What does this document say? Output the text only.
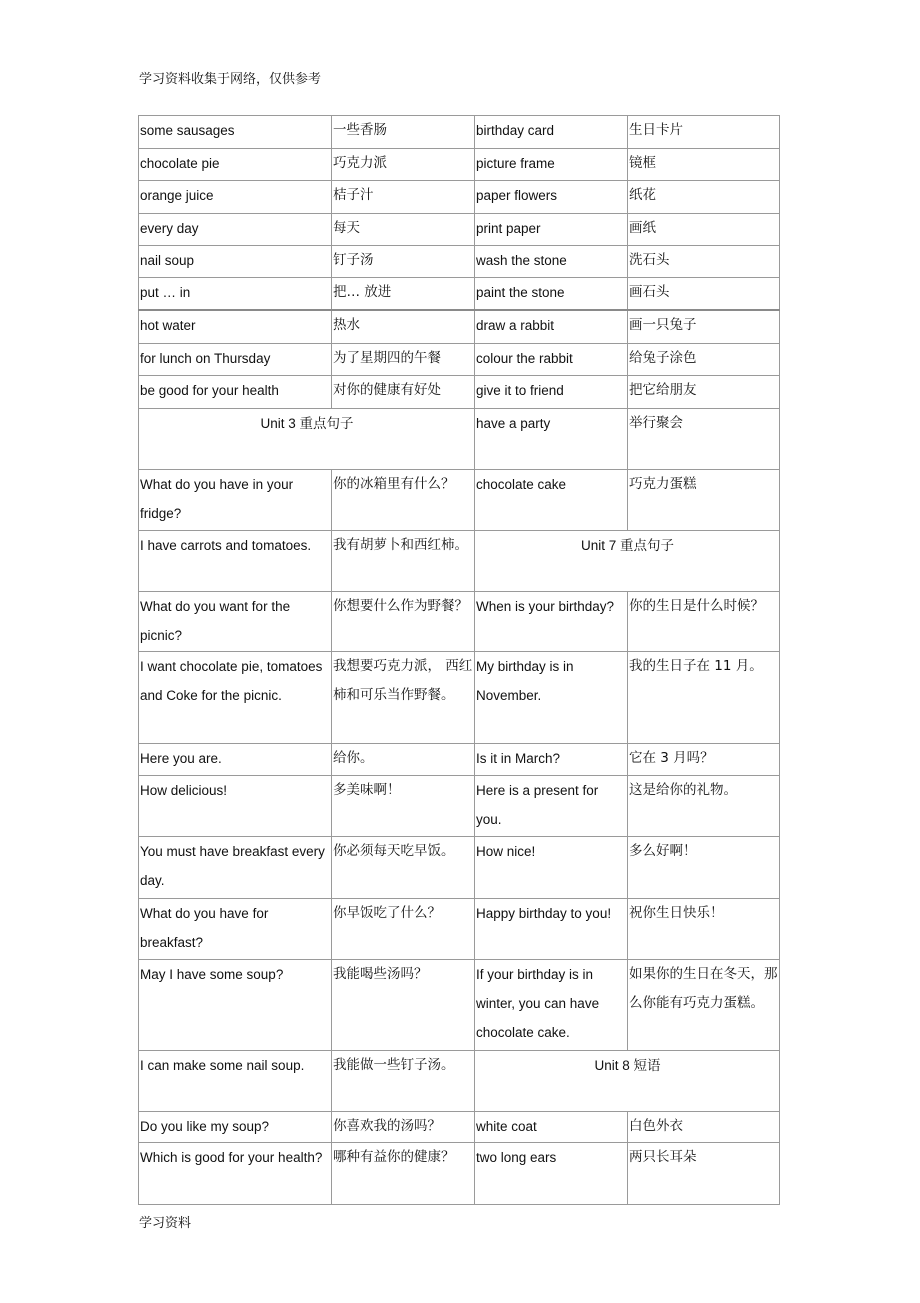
学习资料收集于网络，仅供参考
some sausages	一些香肠	birthday card	生日卡片
chocolate pie	巧克力派	picture frame	镜框
orange juice	桔子汁	paper flowers	纸花
every day	每天	print paper	画纸
nail soup	钉子汤	wash the stone	洗石头
put … in	把… 放进	paint the stone	画石头
hot water	热水	draw a rabbit	画一只兔子
for lunch on Thursday	为了星期四的午餐	colour the rabbit	给兔子涂色
be good for your health	对你的健康有好处	give it to friend	把它给朋友
Unit 3 重点句子		have a party	举行聚会
What do you have in your fridge?	你的冰箱里有什么？	chocolate cake	巧克力蛋糕
I have carrots and tomatoes.	我有胡萝卜和西红柿。	Unit 7 重点句子	
What do you want for the picnic?	你想要什么作为野餐？	When is your birthday?	你的生日是什么时候？
I want chocolate pie, tomatoes and Coke for the picnic.	我想要巧克力派， 西红柿和可乐当作野餐。	My birthday is in November.	我的生日子在 11 月。
Here you are.	给你。	Is it in March?	它在 3 月吗？
How delicious!	多美味啊！	Here is a present for you.	这是给你的礼物。
You must have breakfast every day.	你必须每天吃早饭。	How nice!	多么好啊！
What do you have for breakfast?	你早饭吃了什么？	Happy birthday to you!	祝你生日快乐！
May I have some soup?	我能喝些汤吗？	If your birthday is in winter, you can have chocolate cake.	如果你的生日在冬天，那么你能有巧克力蛋糕。
I can make some nail soup.	我能做一些钉子汤。	Unit 8 短语	
Do you like my soup?	你喜欢我的汤吗？	white coat	白色外衣
Which is good for your health?	哪种有益你的健康？	two long ears	两只长耳朵
学习资料
